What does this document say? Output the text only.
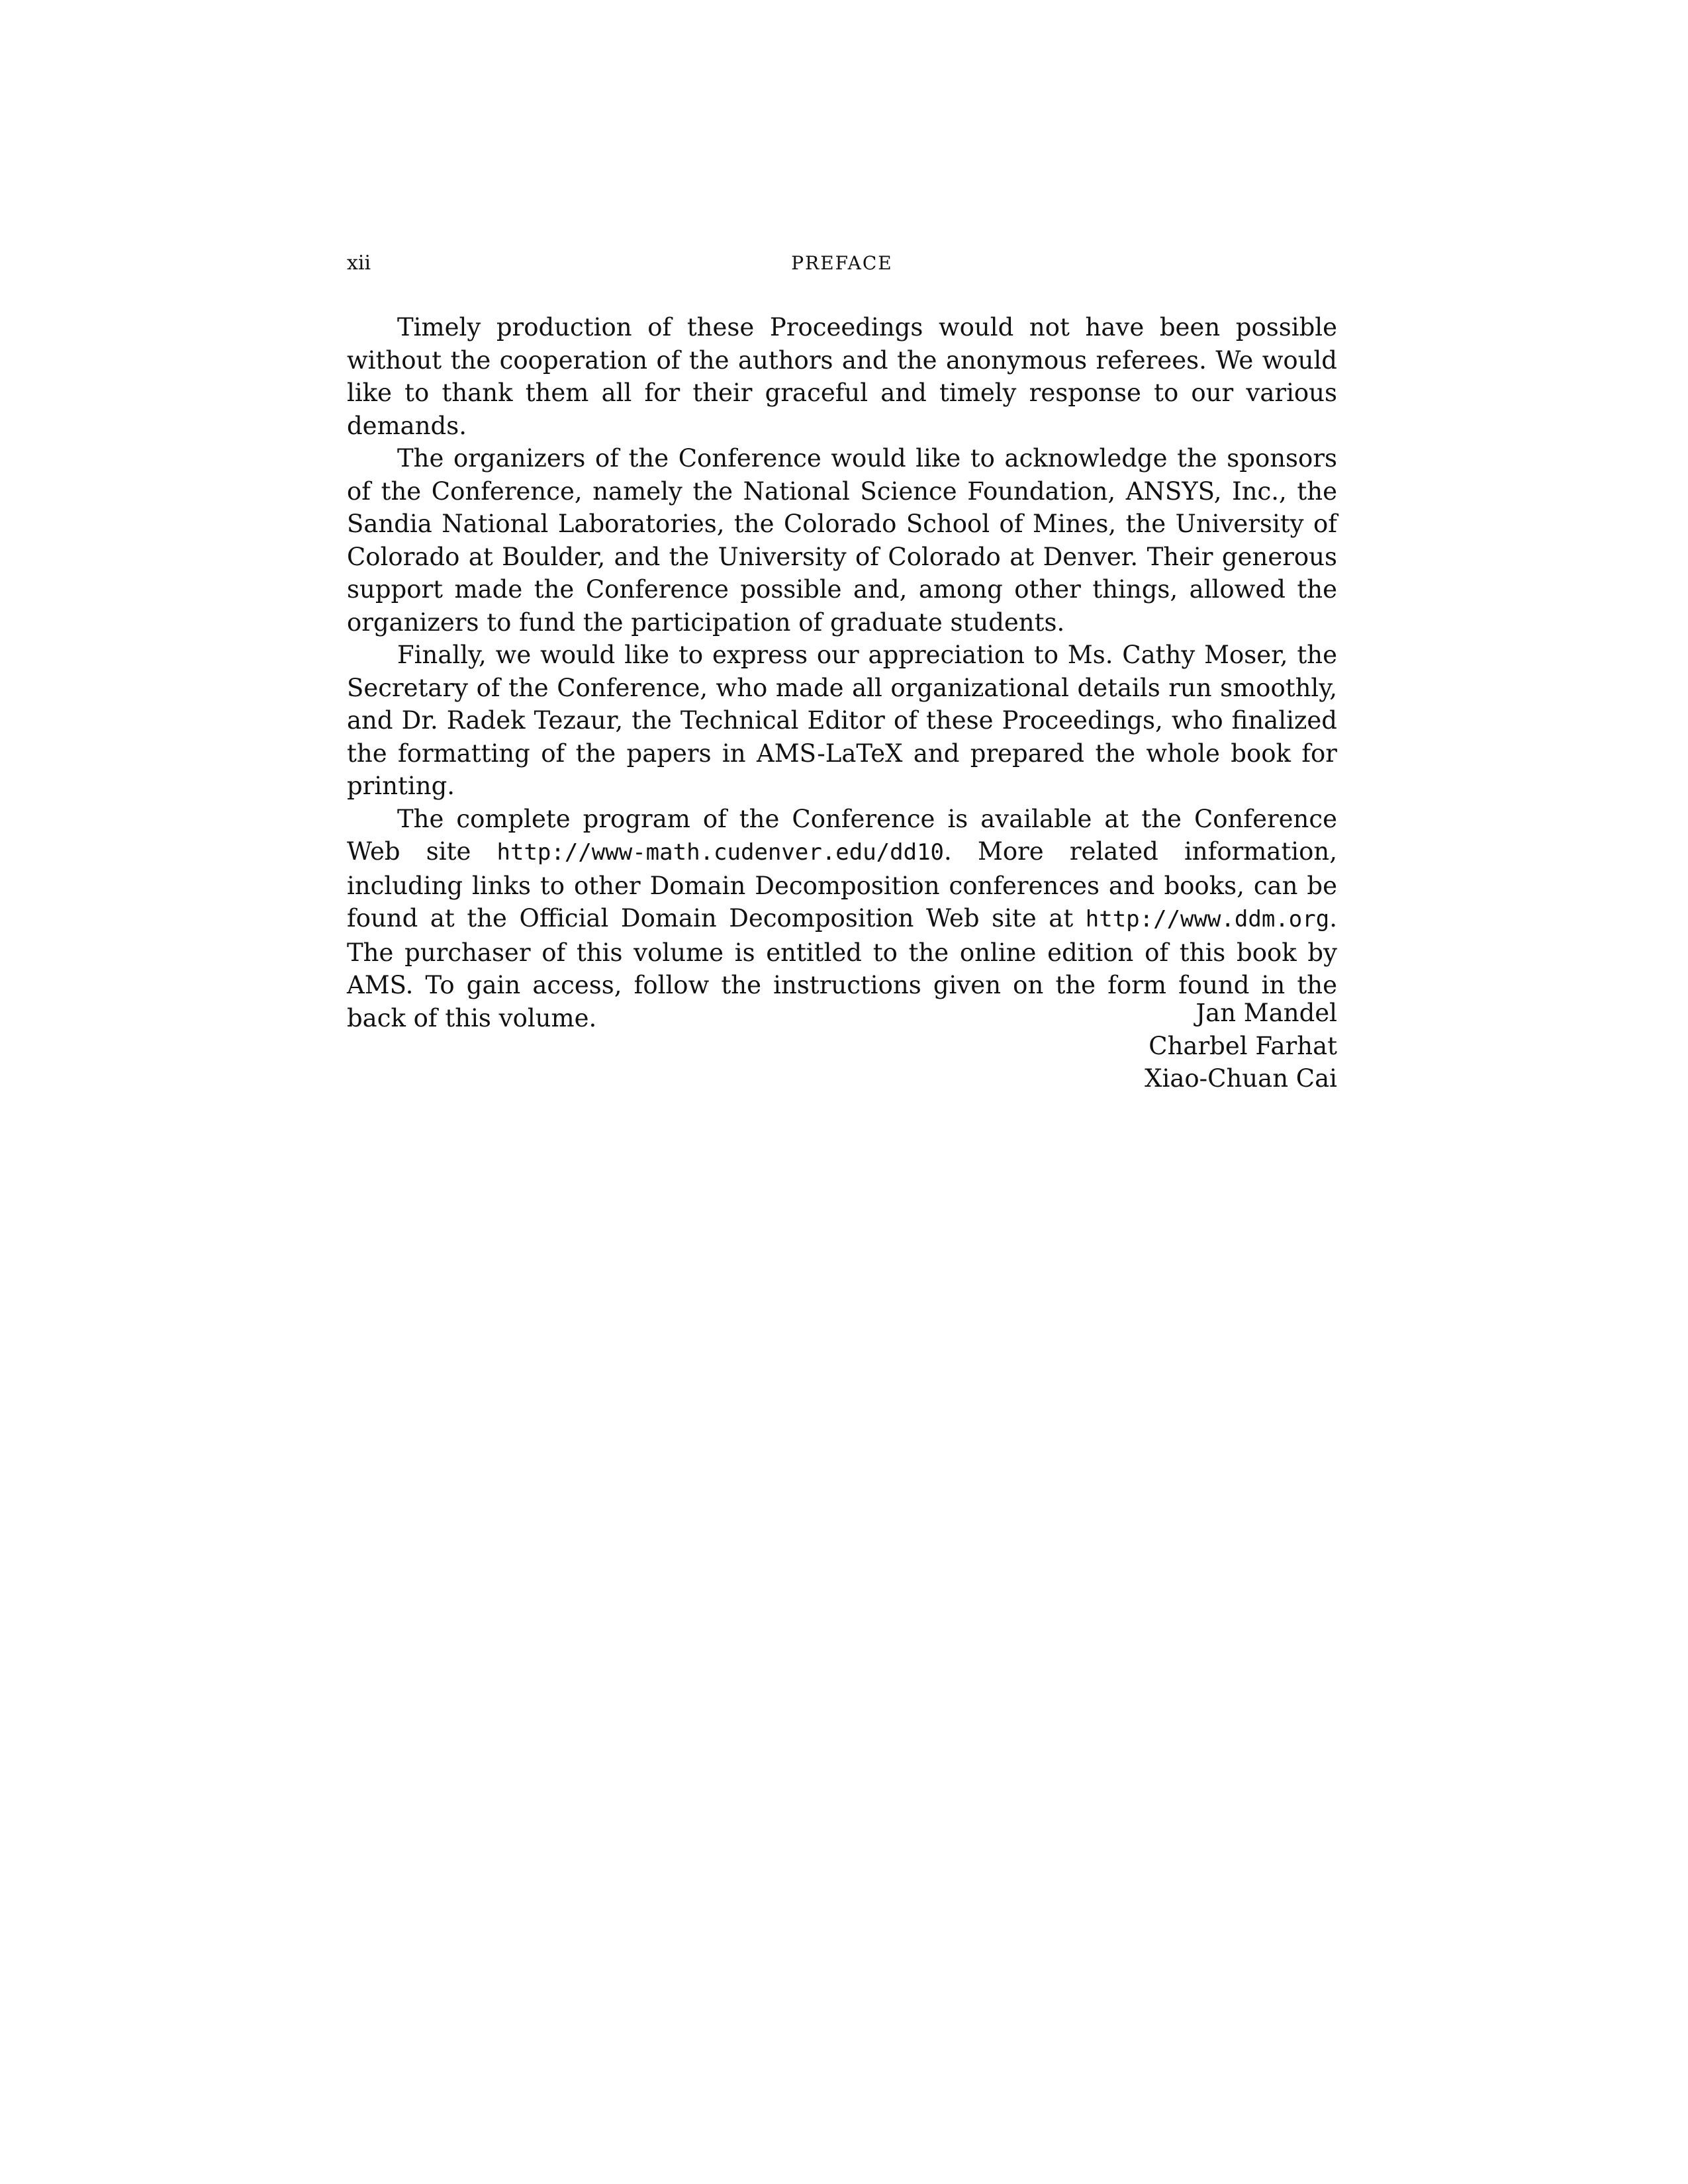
xii	PREFACE

Timely production of these Proceedings would not have been possible without the cooperation of the authors and the anonymous referees. We would like to thank them all for their graceful and timely response to our various demands.

The organizers of the Conference would like to acknowledge the sponsors of the Conference, namely the National Science Foundation, ANSYS, Inc., the Sandia National Laboratories, the Colorado School of Mines, the University of Colorado at Boulder, and the University of Colorado at Denver. Their generous support made the Conference possible and, among other things, allowed the organizers to fund the participation of graduate students.

Finally, we would like to express our appreciation to Ms. Cathy Moser, the Secretary of the Conference, who made all organizational details run smoothly, and Dr. Radek Tezaur, the Technical Editor of these Proceedings, who finalized the formatting of the papers in AMS-LaTeX and prepared the whole book for printing.

The complete program of the Conference is available at the Conference Web site http://www-math.cudenver.edu/dd10. More related information, including links to other Domain Decomposition conferences and books, can be found at the Official Domain Decomposition Web site at http://www.ddm.org. The purchaser of this volume is entitled to the online edition of this book by AMS. To gain access, follow the instructions given on the form found in the back of this volume.	Jan Mandel
Charbel Farhat
Xiao-Chuan Cai
